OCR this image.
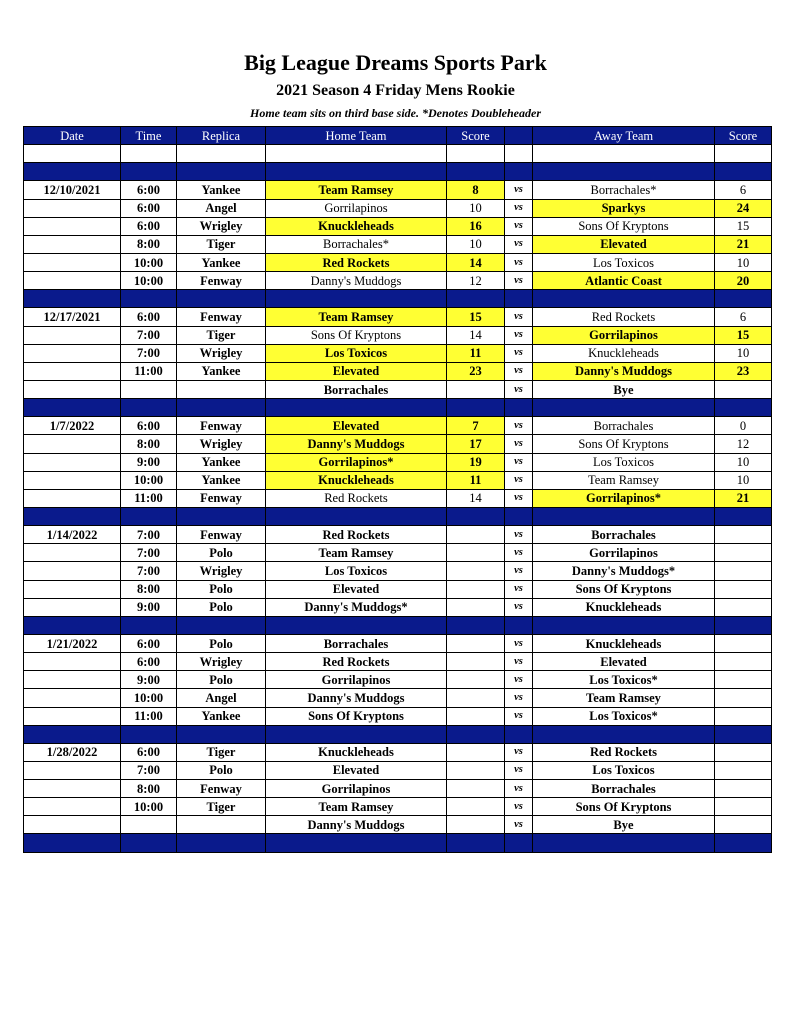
Big League Dreams Sports Park
2021 Season 4 Friday Mens Rookie
Home team sits on third base side. *Denotes Doubleheader
Date	Time	Replica	Home Team	Score		Away Team	Score

12/10/2021	6:00	Yankee	Team Ramsey	8	vs	Borrachales*	6
	6:00	Angel	Gorrilapinos	10	vs	Sparkys	24
	6:00	Wrigley	Knuckleheads	16	vs	Sons Of Kryptons	15
	8:00	Tiger	Borrachales*	10	vs	Elevated	21
	10:00	Yankee	Red Rockets	14	vs	Los Toxicos	10
	10:00	Fenway	Danny's Muddogs	12	vs	Atlantic Coast	20

12/17/2021	6:00	Fenway	Team Ramsey	15	vs	Red Rockets	6
	7:00	Tiger	Sons Of Kryptons	14	vs	Gorrilapinos	15
	7:00	Wrigley	Los Toxicos	11	vs	Knuckleheads	10
	11:00	Yankee	Elevated	23	vs	Danny's Muddogs	23
			Borrachales		vs	Bye	

1/7/2022	6:00	Fenway	Elevated	7	vs	Borrachales	0
	8:00	Wrigley	Danny's Muddogs	17	vs	Sons Of Kryptons	12
	9:00	Yankee	Gorrilapinos*	19	vs	Los Toxicos	10
	10:00	Yankee	Knuckleheads	11	vs	Team Ramsey	10
	11:00	Fenway	Red Rockets	14	vs	Gorrilapinos*	21

1/14/2022	7:00	Fenway	Red Rockets		vs	Borrachales	
	7:00	Polo	Team Ramsey		vs	Gorrilapinos	
	7:00	Wrigley	Los Toxicos		vs	Danny's Muddogs*	
	8:00	Polo	Elevated		vs	Sons Of Kryptons	
	9:00	Polo	Danny's Muddogs*		vs	Knuckleheads	

1/21/2022	6:00	Polo	Borrachales		vs	Knuckleheads	
	6:00	Wrigley	Red Rockets		vs	Elevated	
	9:00	Polo	Gorrilapinos		vs	Los Toxicos*	
	10:00	Angel	Danny's Muddogs		vs	Team Ramsey	
	11:00	Yankee	Sons Of Kryptons		vs	Los Toxicos*	

1/28/2022	6:00	Tiger	Knuckleheads		vs	Red Rockets	
	7:00	Polo	Elevated		vs	Los Toxicos	
	8:00	Fenway	Gorrilapinos		vs	Borrachales	
	10:00	Tiger	Team Ramsey		vs	Sons Of Kryptons	
			Danny's Muddogs		vs	Bye	
